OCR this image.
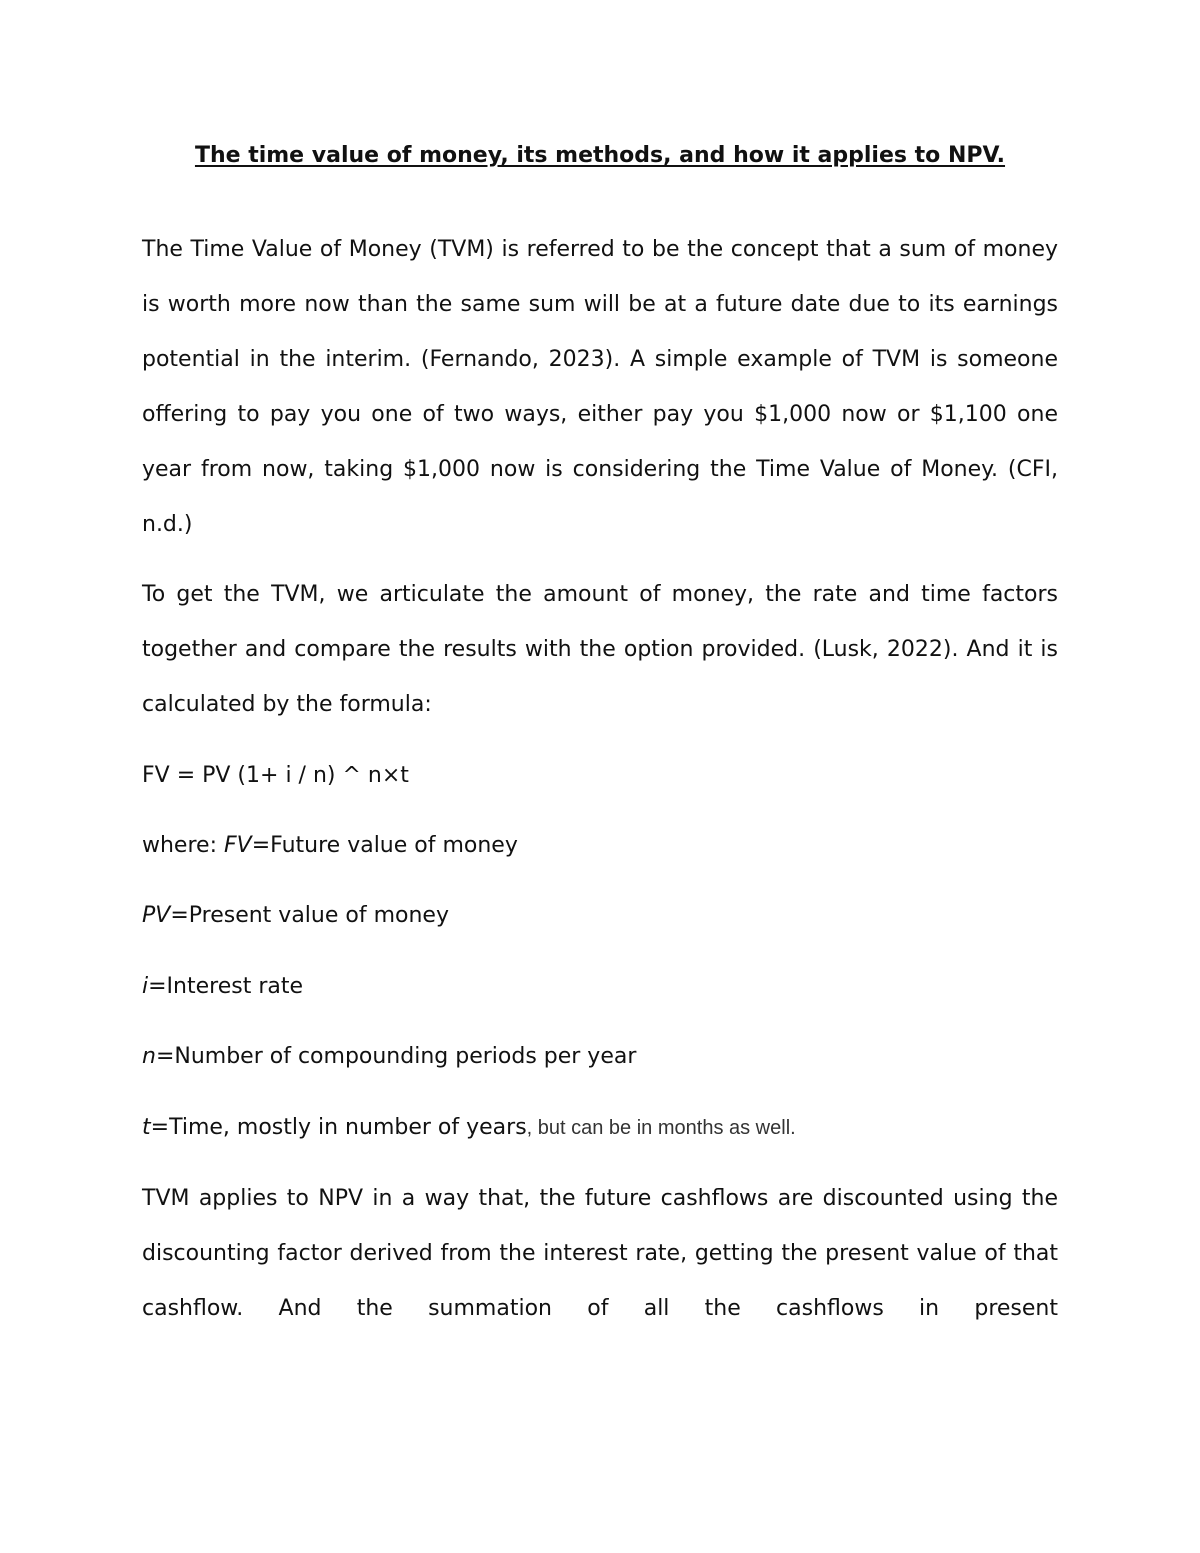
The time value of money, its methods, and how it applies to NPV.

The Time Value of Money (TVM) is referred to be the concept that a sum of money is worth more now than the same sum will be at a future date due to its earnings potential in the interim. (Fernando, 2023). A simple example of TVM is someone offering to pay you one of two ways, either pay you $1,000 now or $1,100 one year from now, taking $1,000 now is considering the Time Value of Money. (CFI, n.d.)

To get the TVM, we articulate the amount of money, the rate and time factors together and compare the results with the option provided. (Lusk, 2022). And it is calculated by the formula:

FV = PV (1+ i / n) ^ n×t
where: FV=Future value of money
PV=Present value of money
i=Interest rate
n=Number of compounding periods per year
t=Time, mostly in number of years, but can be in months as well.

TVM applies to NPV in a way that, the future cashflows are discounted using the discounting factor derived from the interest rate, getting the present value of that cashflow. And the summation of all the cashflows in present
